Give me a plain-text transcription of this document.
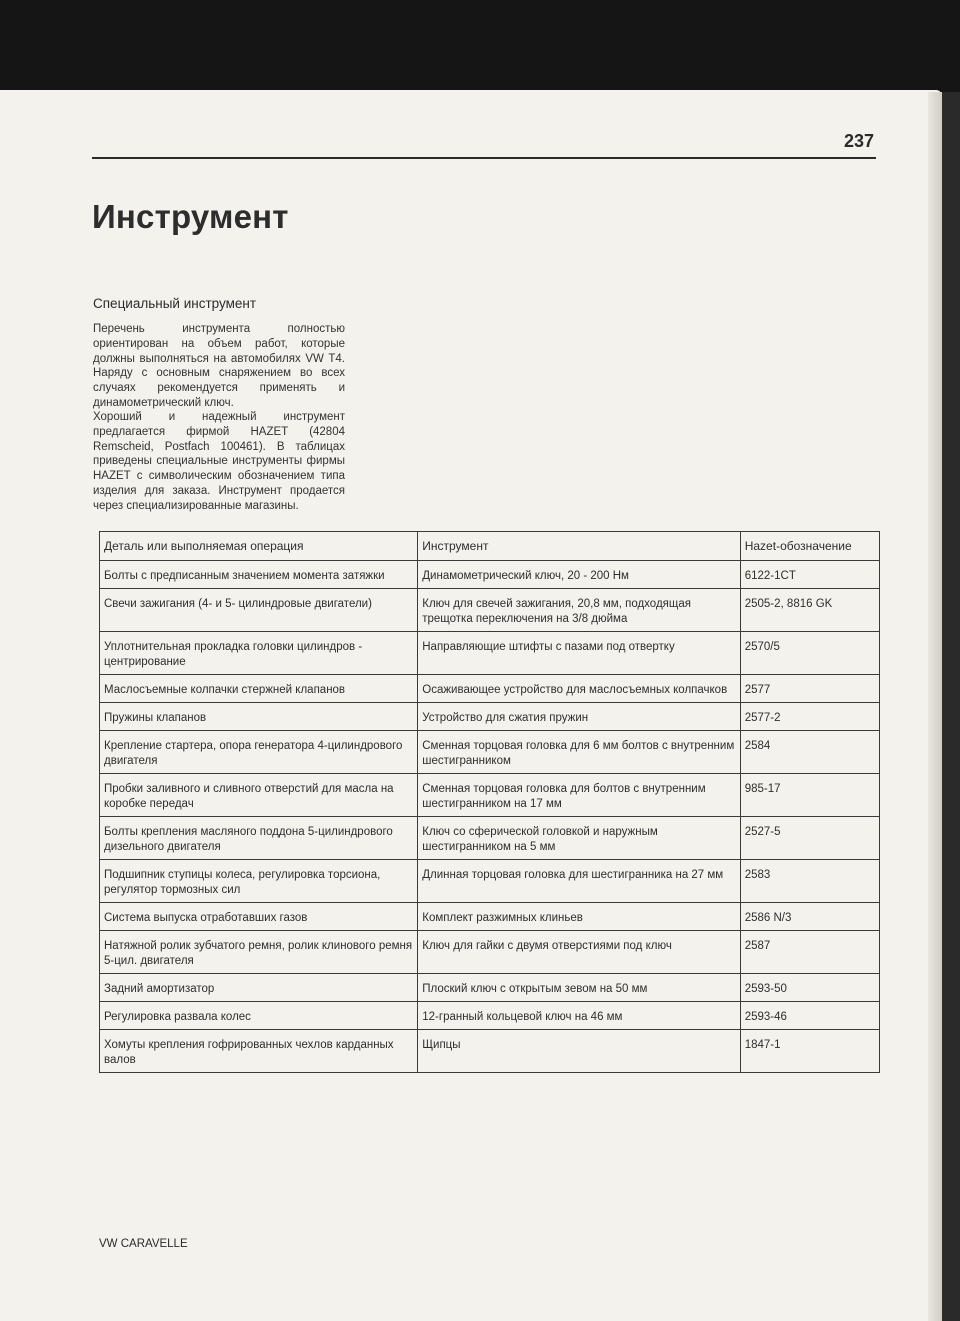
237
Инструмент
Специальный инструмент

Перечень инструмента полностью ориентирован на объем работ, которые должны выполняться на автомобилях VW T4. Наряду с основным снаряжением во всех случаях рекомендуется применять и динамометрический ключ.

Хороший и надежный инструмент предлагается фирмой HAZET (42804 Remscheid, Postfach 100461). В таблицах приведены специальные инструменты фирмы HAZET с символическим обозначением типа изделия для заказа. Инструмент продается через специализированные магазины.

Деталь или выполняемая операция	Инструмент	Hazet-обозначение
Болты с предписанным значением момента затяжки	Динамометрический ключ, 20 - 200 Нм	6122-1CT
Свечи зажигания (4- и 5- цилиндровые двигатели)	Ключ для свечей зажигания, 20,8 мм, подходящая трещотка переключения на 3/8 дюйма	2505-2, 8816 GK
Уплотнительная прокладка головки цилиндров - центрирование	Направляющие штифты с пазами под отвертку	2570/5
Маслосъемные колпачки стержней клапанов	Осаживающее устройство для маслосъемных колпачков	2577
Пружины клапанов	Устройство для сжатия пружин	2577-2
Крепление стартера, опора генератора 4-цилиндрового двигателя	Сменная торцовая головка для 6 мм болтов с внутренним шестигранником	2584
Пробки заливного и сливного отверстий для масла на коробке передач	Сменная торцовая головка для болтов с внутренним шестигранником на 17 мм	985-17
Болты крепления масляного поддона 5-цилиндрового дизельного двигателя	Ключ со сферической головкой и наружным шестигранником на 5 мм	2527-5
Подшипник ступицы колеса, регулировка торсиона, регулятор тормозных сил	Длинная торцовая головка для шестигранника на 27 мм	2583
Система выпуска отработавших газов	Комплект разжимных клиньев	2586 N/3
Натяжной ролик зубчатого ремня, ролик клинового ремня 5-цил. двигателя	Ключ для гайки с двумя отверстиями под ключ	2587
Задний амортизатор	Плоский ключ с открытым зевом на 50 мм	2593-50
Регулировка развала колес	12-гранный кольцевой ключ на 46 мм	2593-46
Хомуты крепления гофрированных чехлов карданных валов	Щипцы	1847-1
VW CARAVELLE
